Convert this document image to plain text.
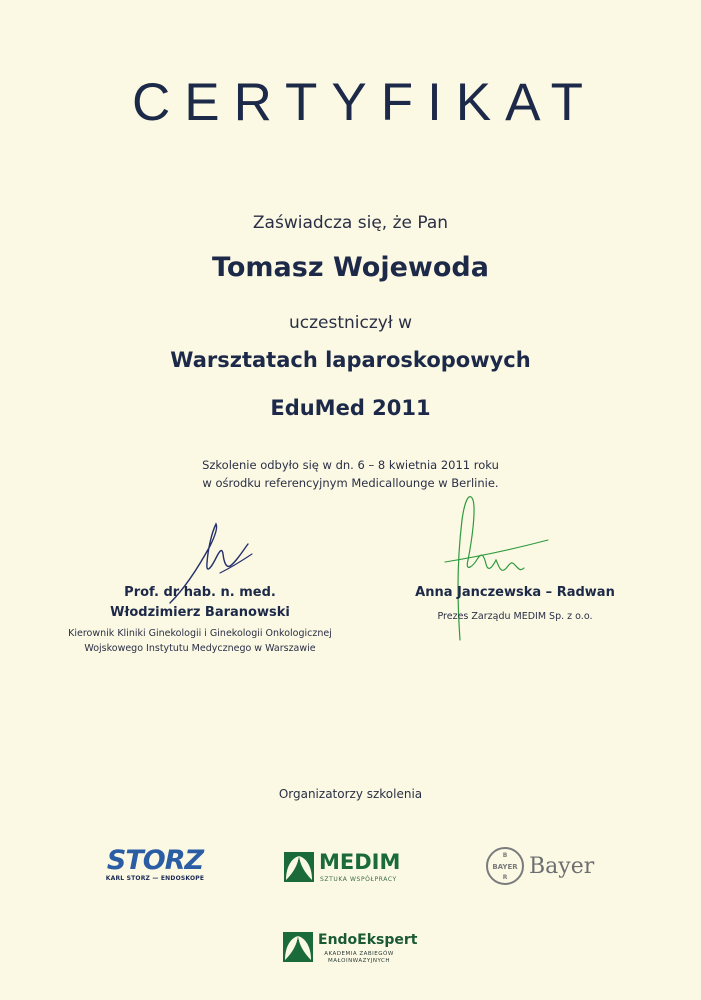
CERTYFIKAT
Zaświadcza się, że Pan
Tomasz Wojewoda
uczestniczył w
Warsztatach laparoskopowych
EduMed 2011
Szkolenie odbyło się w dn. 6 – 8 kwietnia 2011 roku
w ośrodku referencyjnym Medicallounge w Berlinie.
Prof. dr hab. n. med.
Włodzimierz Baranowski
Kierownik Kliniki Ginekologii i Ginekologii Onkologicznej
Wojskowego Instytutu Medycznego w Warszawie
Anna Janczewska – Radwan
Prezes Zarządu MEDIM Sp. z o.o.
Organizatorzy szkolenia
STORZ
KARL STORZ — ENDOSKOPE
MEDIM
SZTUKA WSPÓŁPRACY
BAYER
B
R Bayer
EndoEkspert
AKADEMIA ZABIEGÓW MAŁOINWAZYJNYCH
